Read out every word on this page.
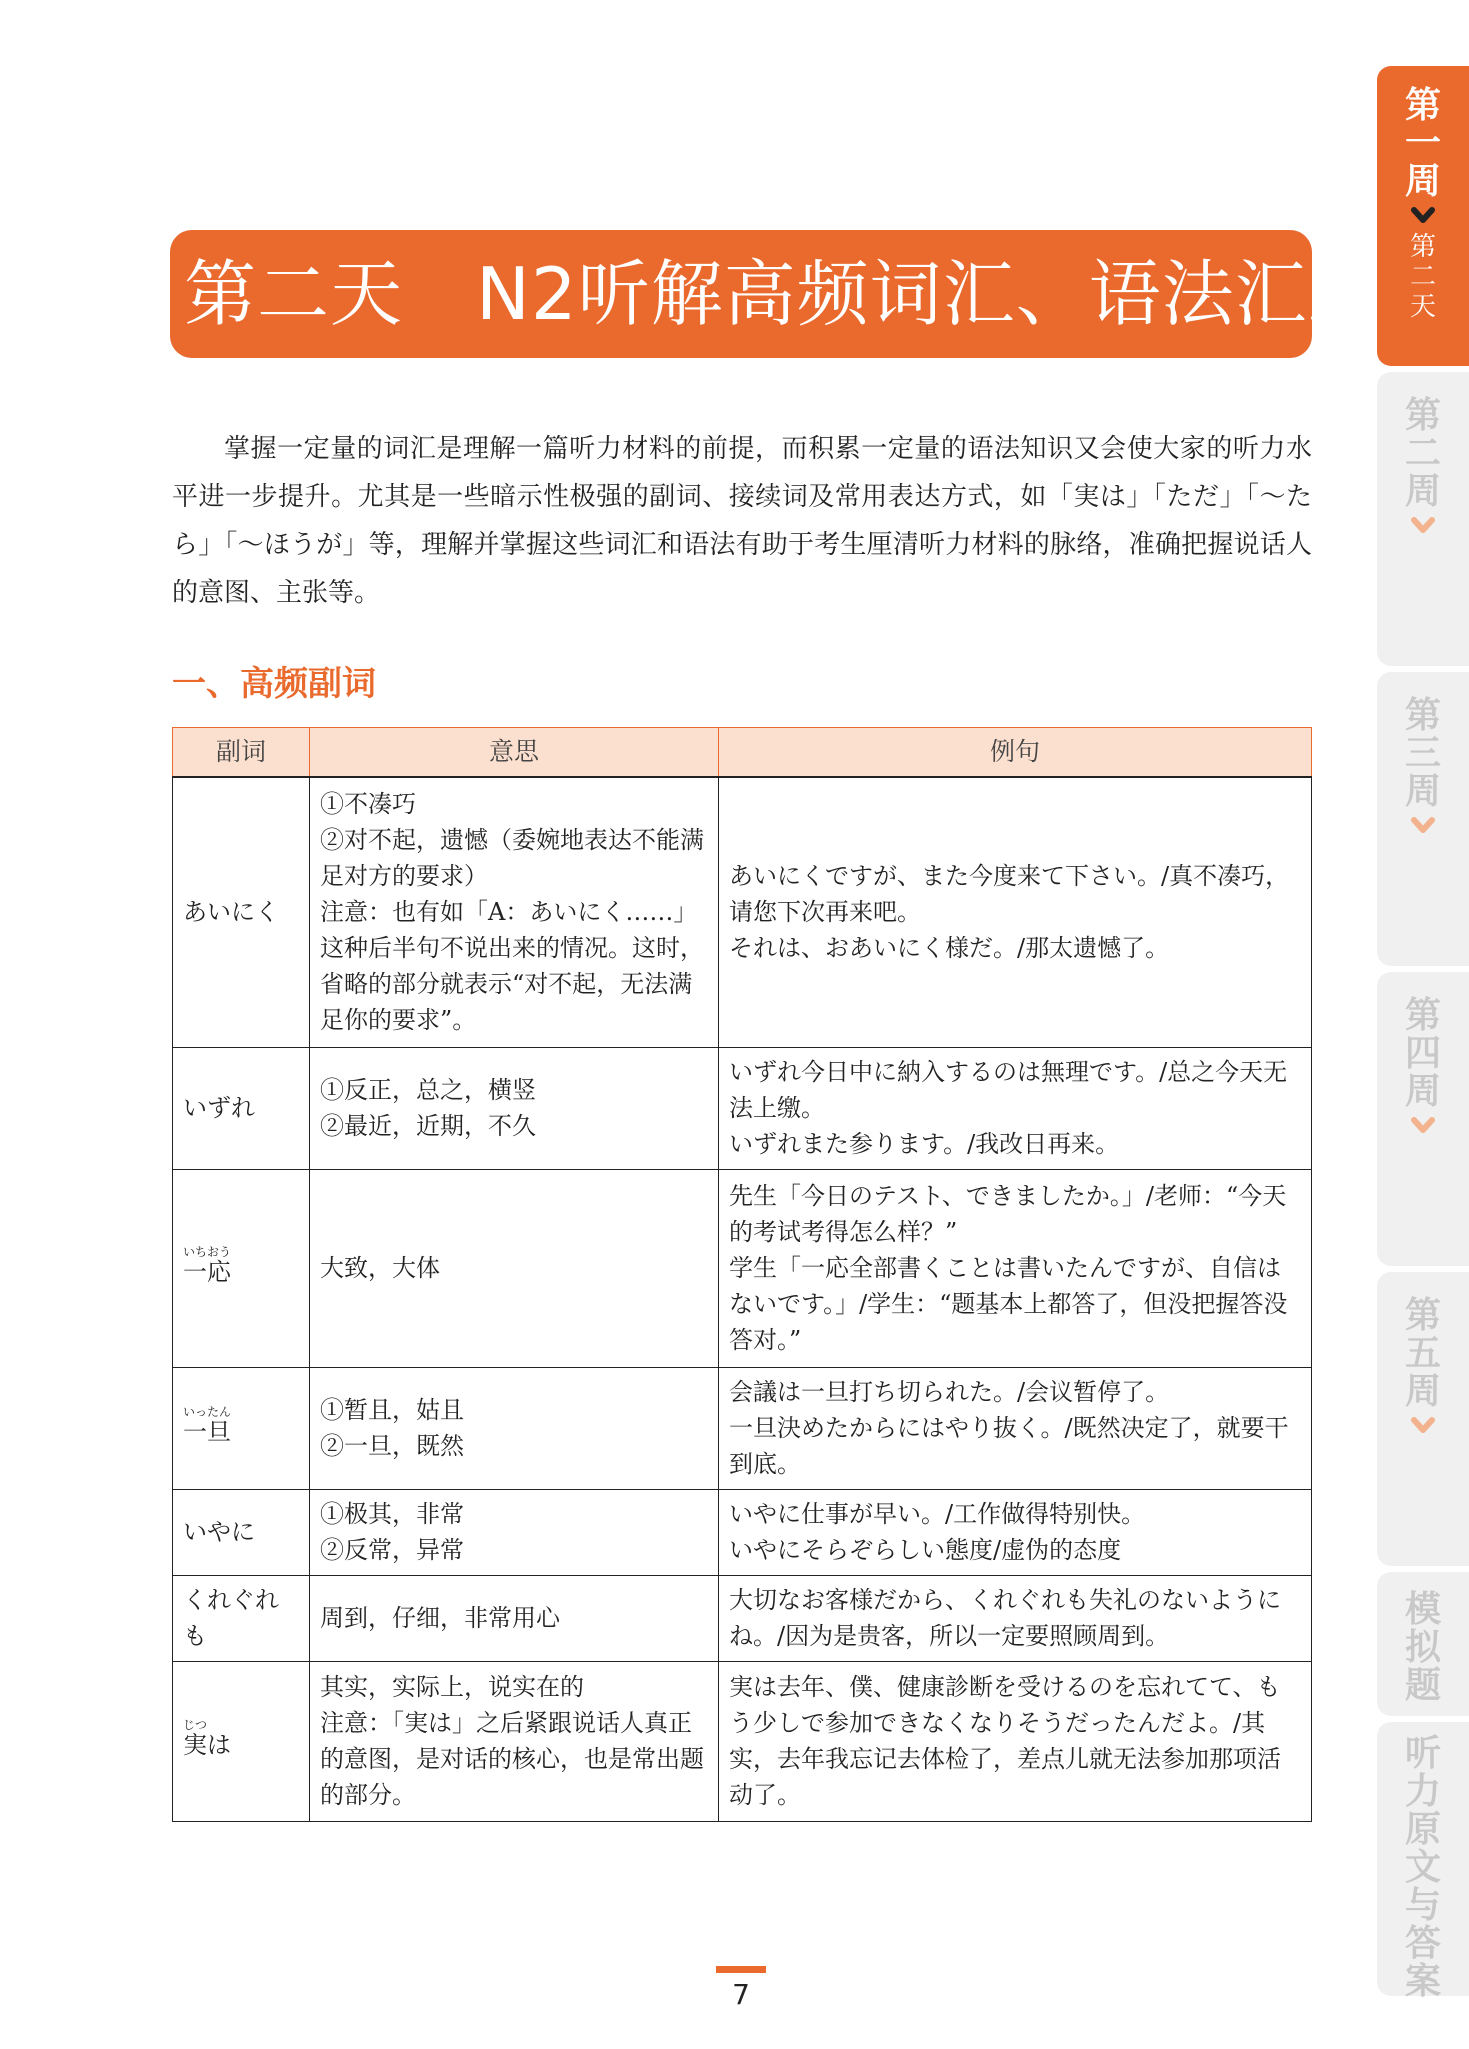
第一周
第二天
第二周
第三周
第四周
第五周
模拟题
听力原文与答案
第二天　N2听解高频词汇、语法汇总

掌握一定量的词汇是理解一篇听力材料的前提，而积累一定量的语法知识又会使大家的听力水平进一步提升。尤其是一些暗示性极强的副词、接续词及常用表达方式，如「実は」「ただ」「～たら」「～ほうが」等，理解并掌握这些词汇和语法有助于考生厘清听力材料的脉络，准确把握说话人的意图、主张等。

一、高频副词
副词	意思	例句

あいにく	①不凑巧
②对不起，遗憾（委婉地表达不能满足对方的要求）
注意：也有如「A：あいにく……」这种后半句不说出来的情况。这时，省略的部分就表示“对不起，无法满足你的要求”。	あいにくですが、また今度来て下さい。/真不凑巧，请您下次再来吧。
それは、おあいにく様だ。/那太遗憾了。

いずれ	①反正，总之，横竖
②最近，近期，不久	いずれ今日中に納入するのは無理です。/总之今天无法上缴。
いずれまた参ります。/我改日再来。

いちおう
一応	大致，大体	先生「今日のテスト、できましたか。」/老师：“今天的考试考得怎么样？”
学生「一応全部書くことは書いたんですが、自信はないです。」/学生：“题基本上都答了，但没把握答没答对。”

いったん
一旦	①暂且，姑且
②一旦，既然	会議は一旦打ち切られた。/会议暂停了。
一旦決めたからにはやり抜く。/既然决定了，就要干到底。

いやに	①极其，非常
②反常，异常	いやに仕事が早い。/工作做得特别快。
いやにそらぞらしい態度/虚伪的态度

くれぐれも	周到，仔细，非常用心	大切なお客様だから、くれぐれも失礼のないようにね。/因为是贵客，所以一定要照顾周到。

じつ
実は	其实，实际上，说实在的
注意：「実は」之后紧跟说话人真正的意图，是对话的核心，也是常出题的部分。	実は去年、僕、健康診断を受けるのを忘れてて、もう少しで参加できなくなりそうだったんだよ。/其实，去年我忘记去体检了，差点儿就无法参加那项活动了。
7
